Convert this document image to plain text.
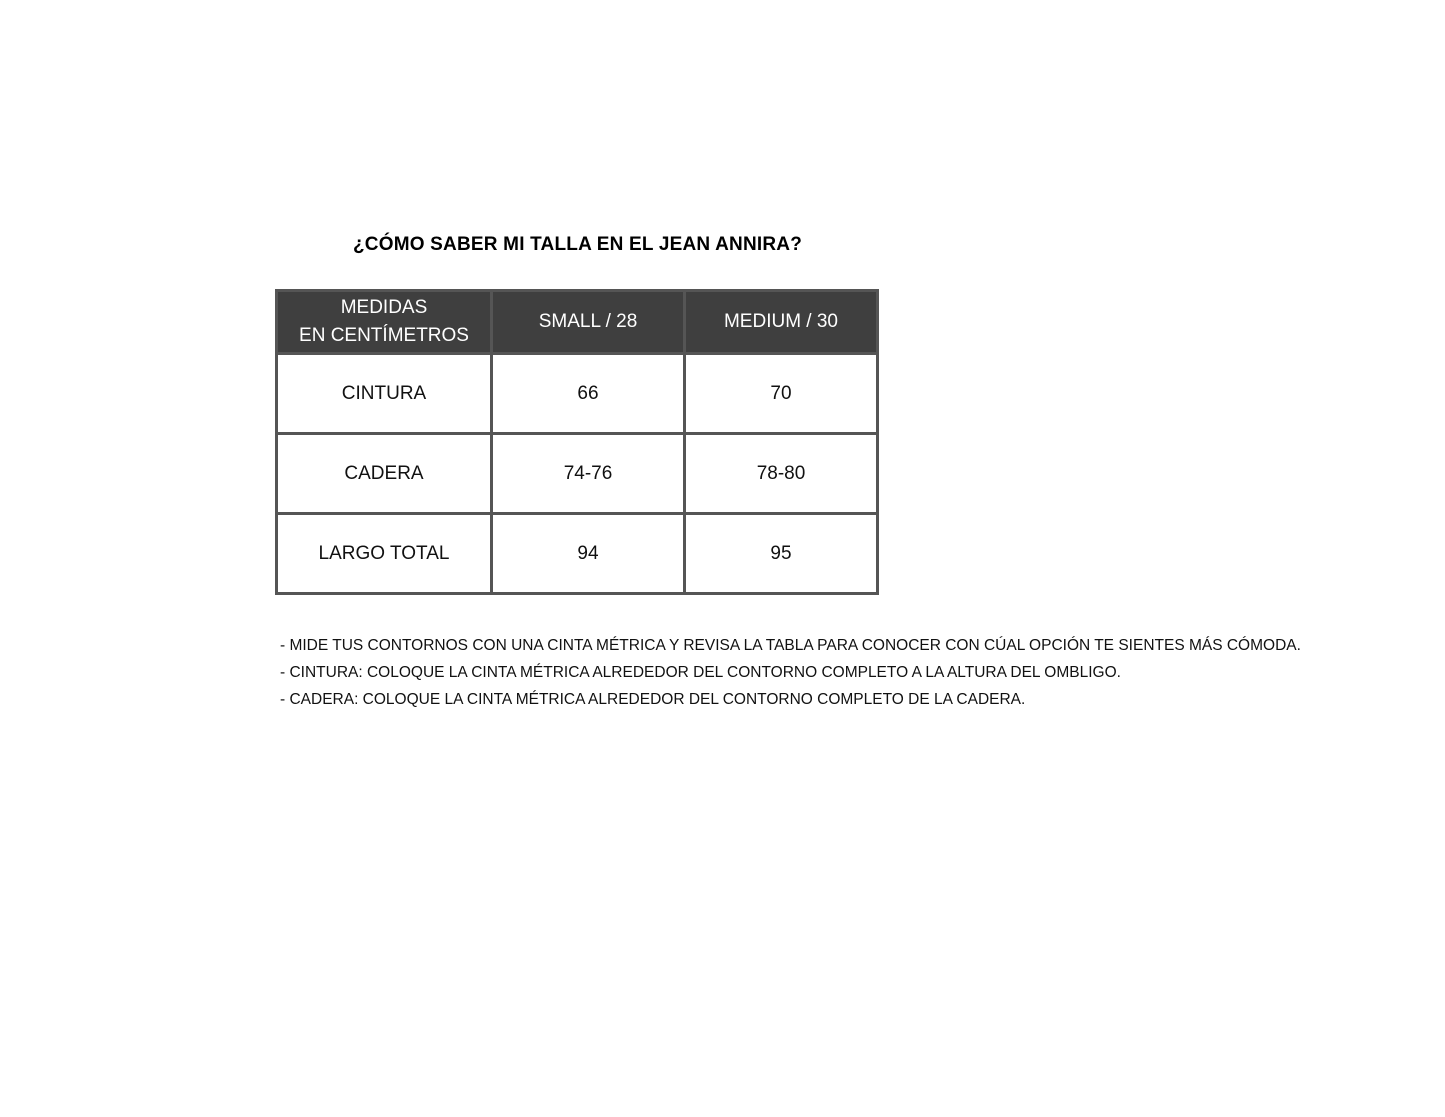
¿CÓMO SABER MI TALLA EN EL JEAN ANNIRA?
MEDIDAS
EN CENTÍMETROS	SMALL / 28	MEDIUM / 30
CINTURA	66	70
CADERA	74-76	78-80
LARGO TOTAL	94	95

- MIDE TUS CONTORNOS CON UNA CINTA MÉTRICA Y REVISA LA TABLA PARA CONOCER CON CÚAL OPCIÓN TE SIENTES MÁS CÓMODA.

- CINTURA: COLOQUE LA CINTA MÉTRICA ALREDEDOR DEL CONTORNO COMPLETO A LA ALTURA DEL OMBLIGO.

- CADERA: COLOQUE LA CINTA MÉTRICA ALREDEDOR DEL CONTORNO COMPLETO DE LA CADERA.
